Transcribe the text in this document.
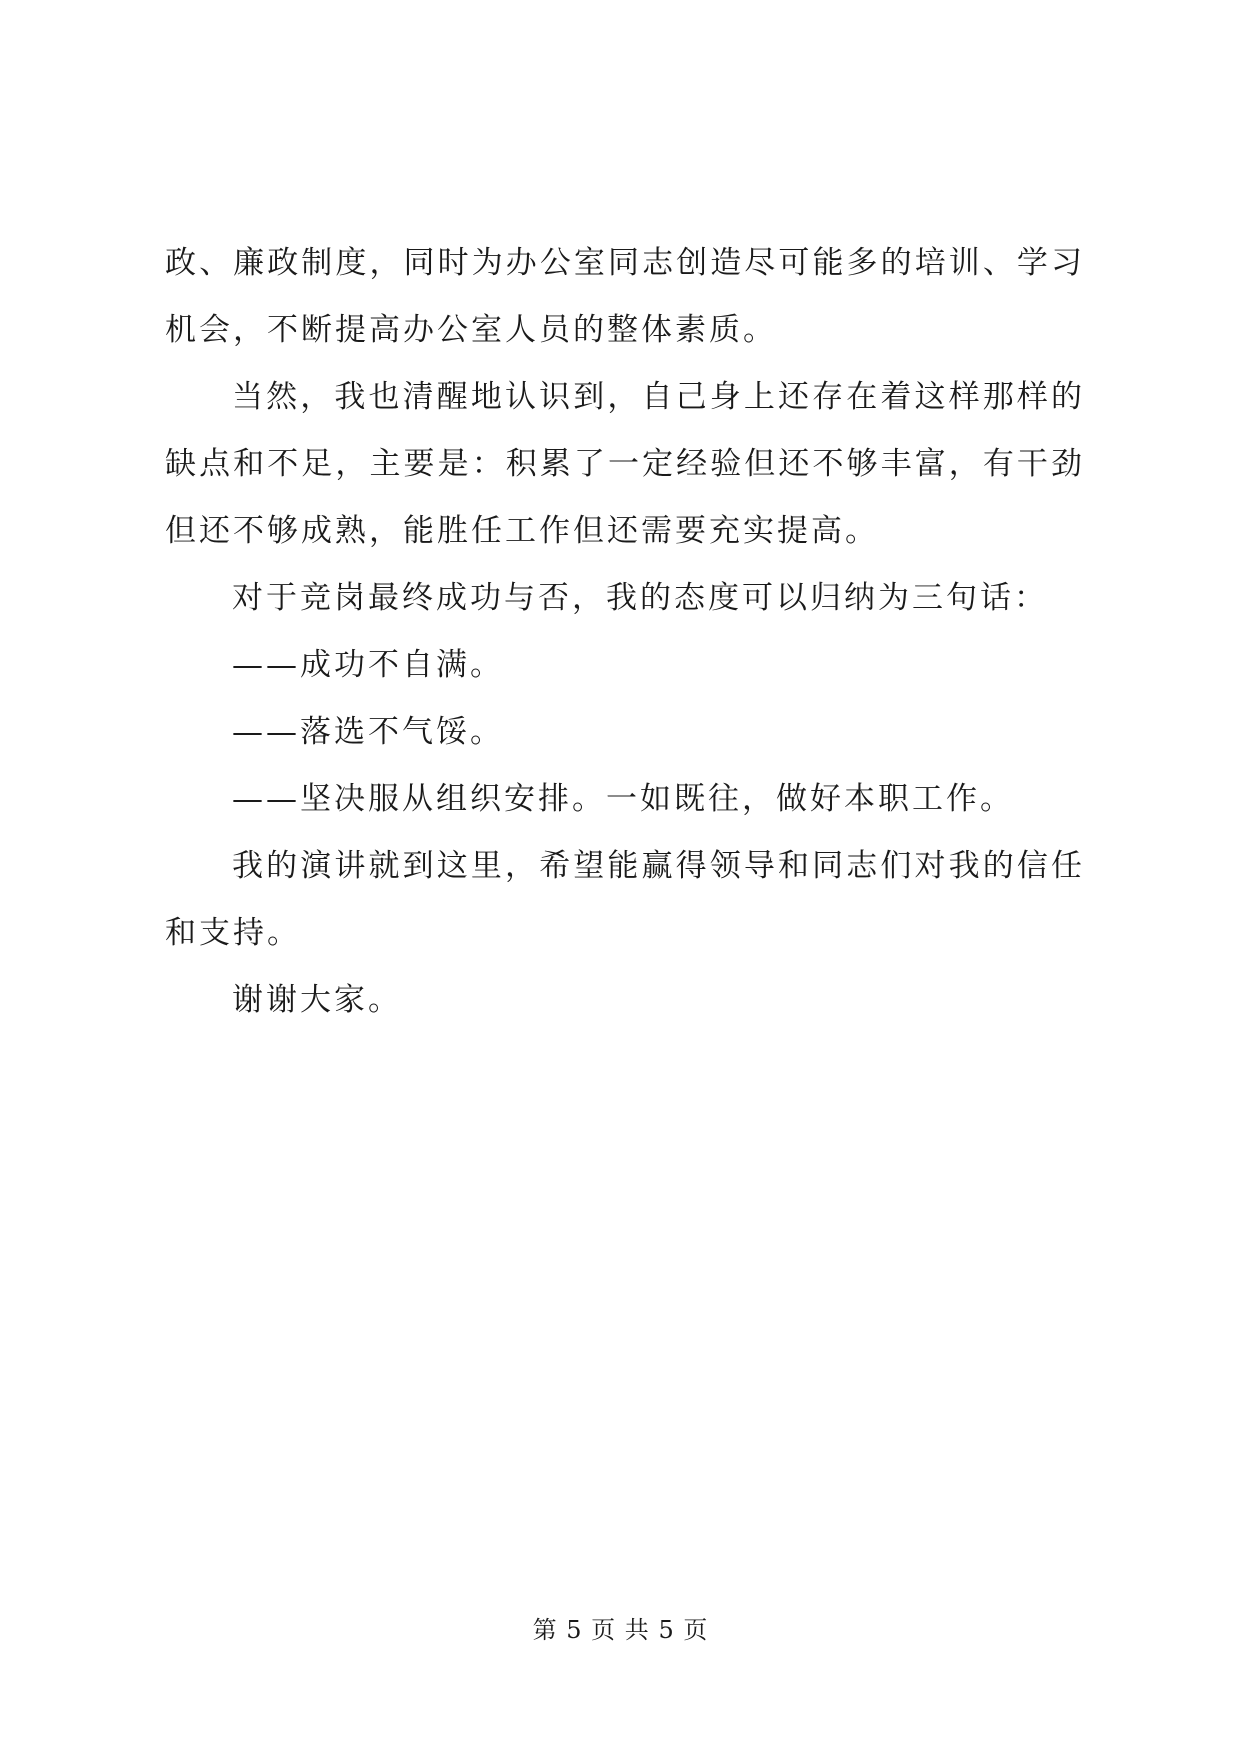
政、廉政制度，同时为办公室同志创造尽可能多的培训、学习机会，不断提高办公室人员的整体素质。

当然，我也清醒地认识到，自己身上还存在着这样那样的缺点和不足，主要是：积累了一定经验但还不够丰富，有干劲但还不够成熟，能胜任工作但还需要充实提高。

对于竞岗最终成功与否，我的态度可以归纳为三句话：

——成功不自满。

——落选不气馁。

——坚决服从组织安排。一如既往，做好本职工作。

我的演讲就到这里，希望能赢得领导和同志们对我的信任和支持。

谢谢大家。

第 5 页 共 5 页
